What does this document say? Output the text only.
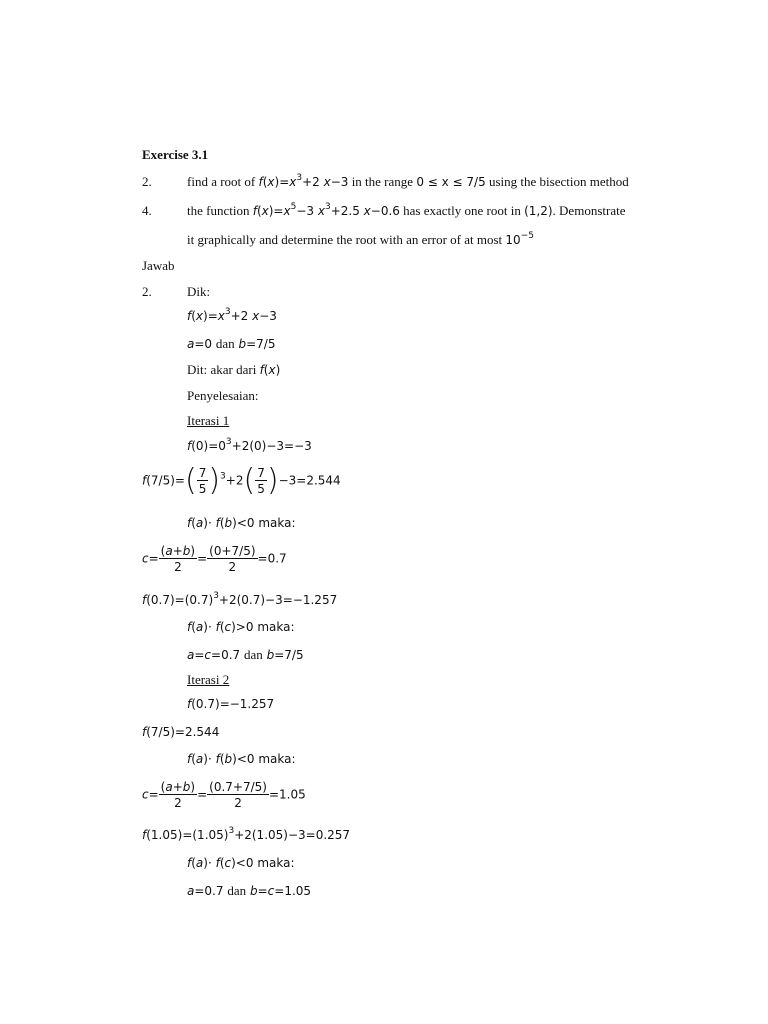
Exercise 3.1
2.	find a root of $f(x)=x^3+2$ x−3 in the range 0 ≤ x ≤ 7/5 using the bisection method
4.	the function $f(x)=x^5-3$ $x^3+2.5$ x−0.6 has exactly one root in (1,2). Demonstrate
it graphically and determine the root with an error of at most $10^{-5}$
Jawab
2.	Dik:
$f(x)=x^3+2$ x−3
a=0 dan b=7/5
Dit: akar dari f(x)
Penyelesaian:
Iterasi 1
$f(0)=0^3+2(0)-3=-3$
$f(7/5)=( \frac{7}{5} )^3+2( \frac{7}{5} )-3=2.544$
f(a)· f(b)<0 maka:
$c= \frac{(a+b)}{2} = \frac{(0+7/5)}{2} =0.7$
$f(0.7)=(0.7)^3+2(0.7)-3=-1.257$
f(a)· f(c)>0 maka:
a=c=0.7 dan b=7/5
Iterasi 2
f(0.7)=−1.257
f(7/5)=2.544
f(a)· f(b)<0 maka:
$c= \frac{(a+b)}{2} = \frac{(0.7+7/5)}{2} =1.05$
$f(1.05)=(1.05)^3+2(1.05)-3=0.257$
f(a)· f(c)<0 maka:
a=0.7 dan b=c=1.05
